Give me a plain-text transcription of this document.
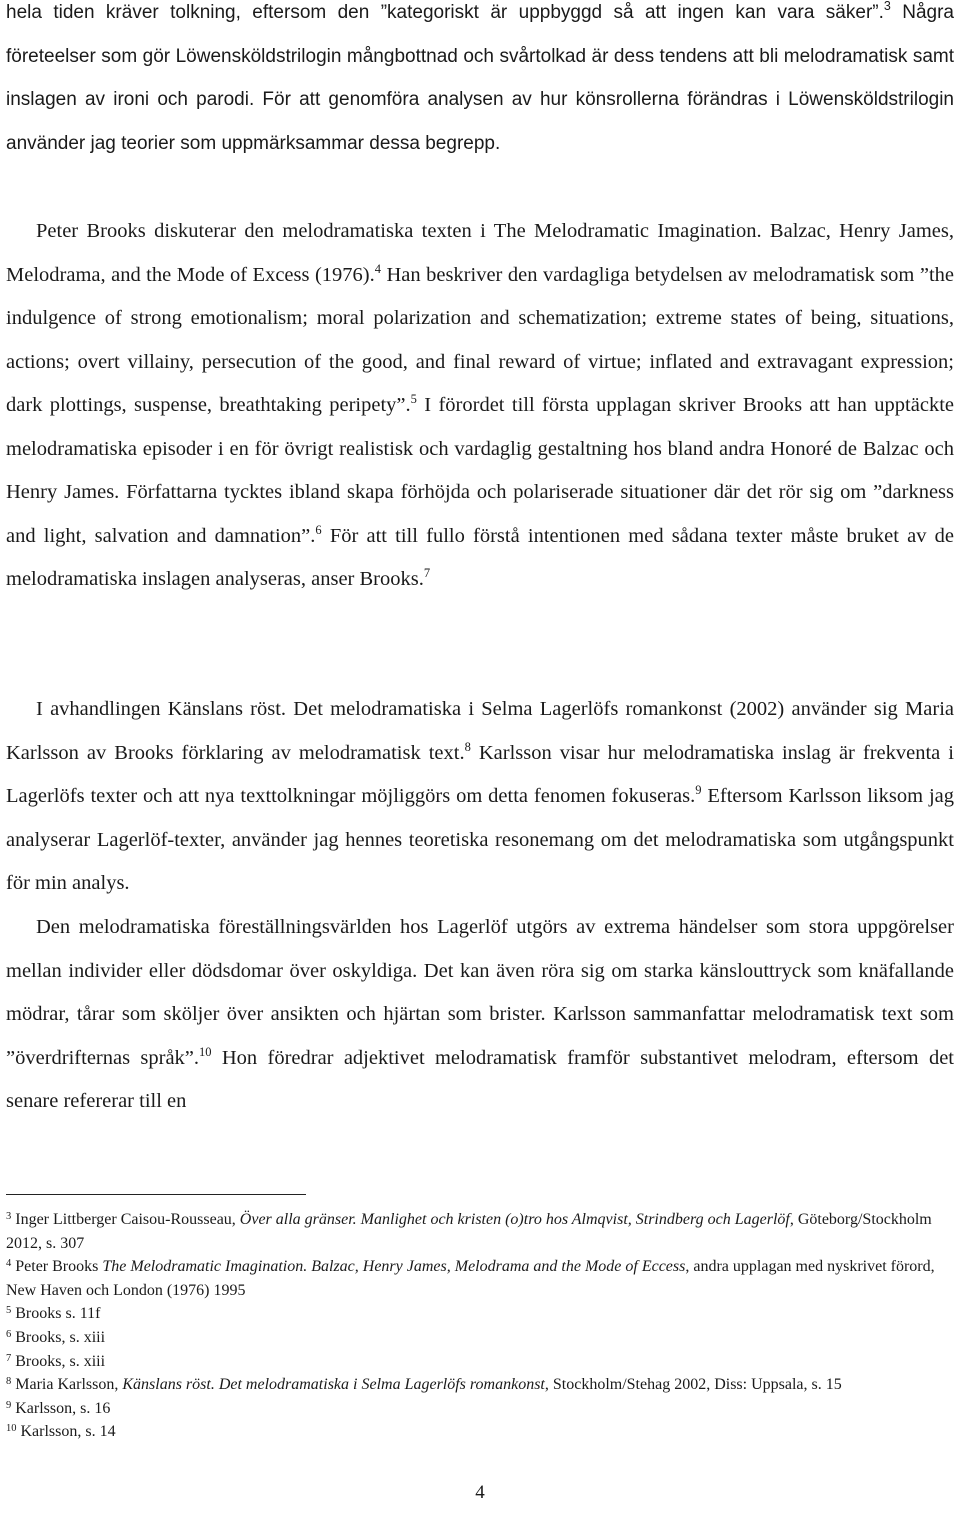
hela tiden kräver tolkning, eftersom den ”kategoriskt är uppbyggd så att ingen kan vara säker”.$^3$ Några företeelser som gör Löwensköldstrilogin mångbottnad och svårtolkad är dess tendens att bli melodramatisk samt inslagen av ironi och parodi. För att genomföra analysen av hur könsrollerna förändras i Löwensköldstrilogin använder jag teorier som uppmärksammar dessa begrepp.

Peter Brooks diskuterar den melodramatiska texten i The Melodramatic Imagination. Balzac, Henry James, Melodrama, and the Mode of Excess (1976).$^4$ Han beskriver den vardagliga betydelsen av melodramatisk som ”the indulgence of strong emotionalism; moral polarization and schematization; extreme states of being, situations, actions; overt villainy, persecution of the good, and final reward of virtue; inflated and extravagant expression; dark plottings, suspense, breathtaking peripety”.$^5$ I förordet till första upplagan skriver Brooks att han upptäckte melodramatiska episoder i en för övrigt realistisk och vardaglig gestaltning hos bland andra Honoré de Balzac och Henry James. Författarna tycktes ibland skapa förhöjda och polariserade situationer där det rör sig om ”darkness and light, salvation and damnation”.$^6$ För att till fullo förstå intentionen med sådana texter måste bruket av de melodramatiska inslagen analyseras, anser Brooks.$^7$

I avhandlingen Känslans röst. Det melodramatiska i Selma Lagerlöfs romankonst (2002) använder sig Maria Karlsson av Brooks förklaring av melodramatisk text.$^8$ Karlsson visar hur melodramatiska inslag är frekventa i Lagerlöfs texter och att nya texttolkningar möjliggörs om detta fenomen fokuseras.$^9$ Eftersom Karlsson liksom jag analyserar Lagerlöf-texter, använder jag hennes teoretiska resonemang om det melodramatiska som utgångspunkt för min analys.

Den melodramatiska föreställningsvärlden hos Lagerlöf utgörs av extrema händelser som stora uppgörelser mellan individer eller dödsdomar över oskyldiga. Det kan även röra sig om starka känslouttryck som knäfallande mödrar, tårar som sköljer över ansikten och hjärtan som brister. Karlsson sammanfattar melodramatisk text som ”överdrifternas språk”.$^{10}$ Hon föredrar adjektivet melodramatisk framför substantivet melodram, eftersom det senare refererar till en

$^3$ Inger Littberger Caisou-Rousseau, Över alla gränser. Manlighet och kristen (o)tro hos Almqvist, Strindberg och Lagerlöf, Göteborg/Stockholm 2012, s. 307

$^4$ Peter Brooks The Melodramatic Imagination. Balzac, Henry James, Melodrama and the Mode of Eccess, andra upplagan med nyskrivet förord, New Haven och London (1976) 1995

$^5$ Brooks s. 11f

$^6$ Brooks, s. xiii

$^7$ Brooks, s. xiii

$^8$ Maria Karlsson, Känslans röst. Det melodramatiska i Selma Lagerlöfs romankonst, Stockholm/Stehag 2002, Diss: Uppsala, s. 15

$^9$ Karlsson, s. 16

$^{10}$ Karlsson, s. 14

4
